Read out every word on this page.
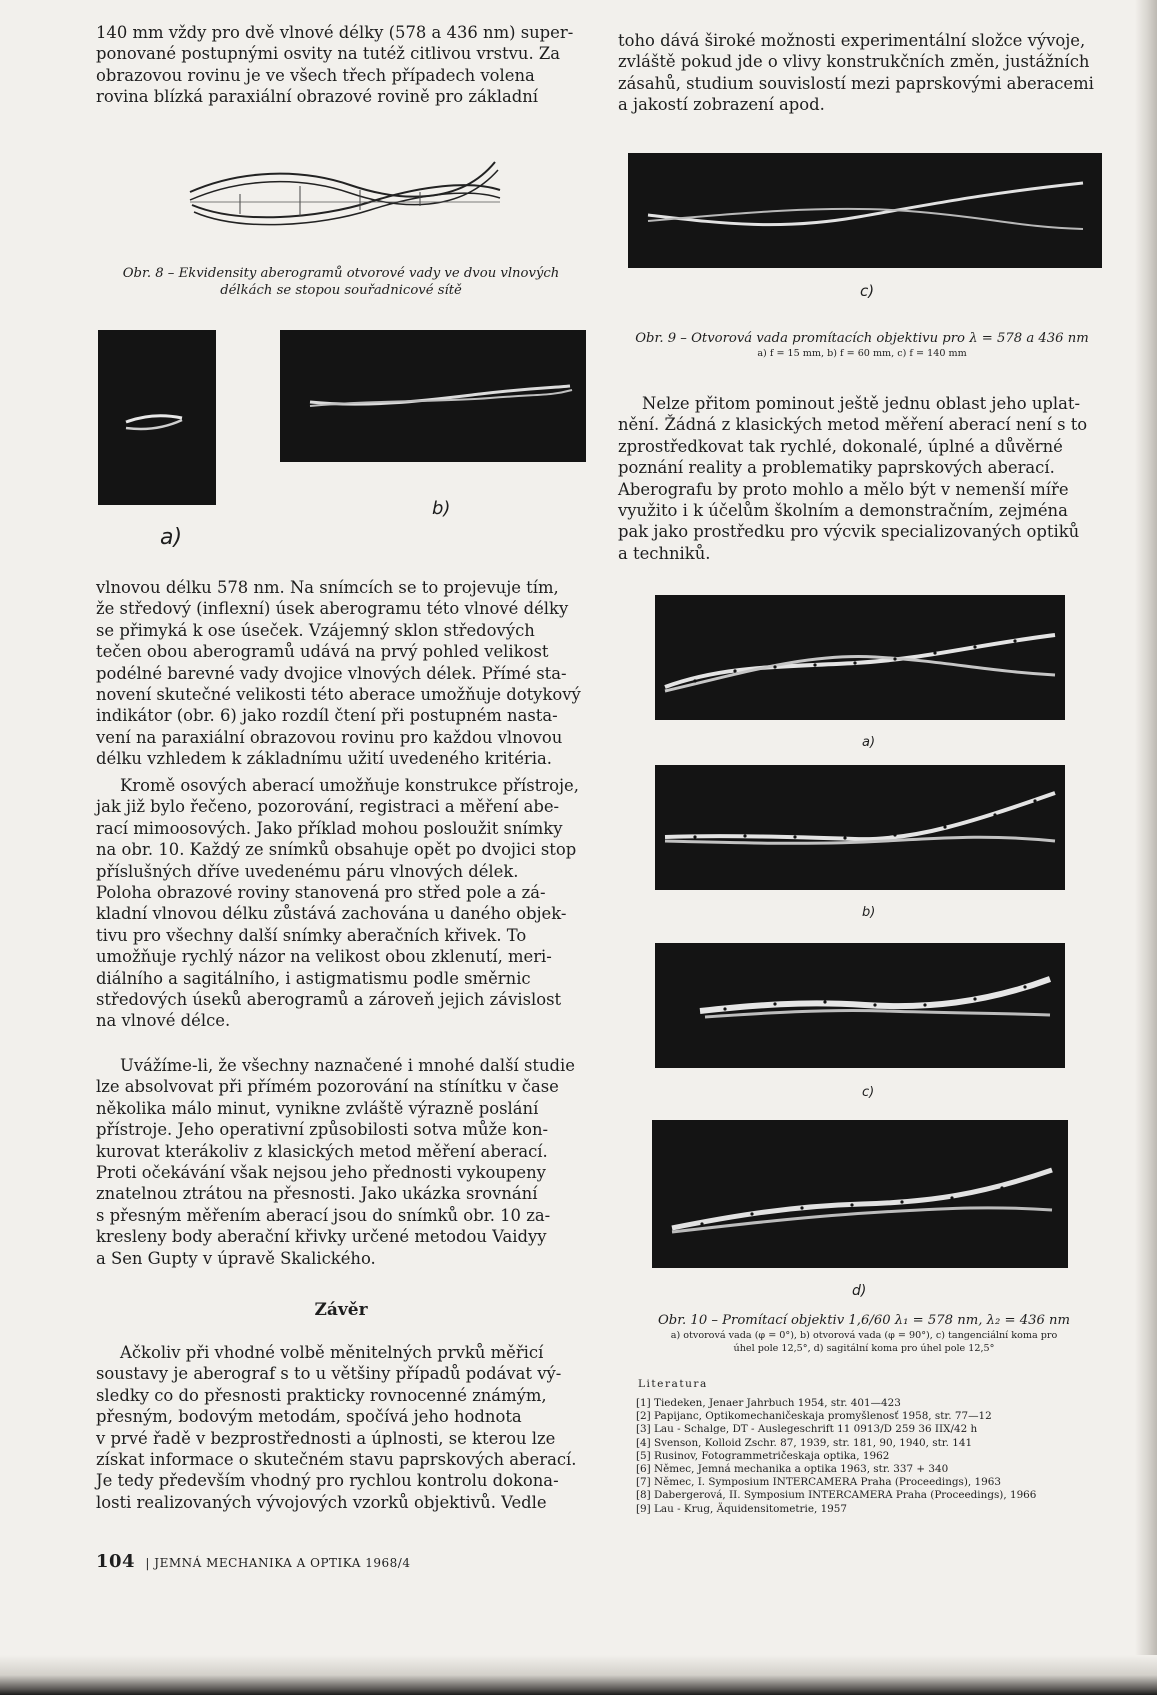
140 mm vždy pro dvě vlnové délky (578 a 436 nm) super-

ponované postupnými osvity na tutéž citlivou vrstvu. Za

obrazovou rovinu je ve všech třech případech volena

rovina blízká paraxiální obrazové rovině pro základní

Obr. 8 – Ekvidensity aberogramů otvorové vady ve dvou vlnových
délkách se stopou souřadnicové sítě
a)
b)

vlnovou délku 578 nm. Na snímcích se to projevuje tím,

že středový (inflexní) úsek aberogramu této vlnové délky

se přimyká k ose úseček. Vzájemný sklon středových

tečen obou aberogramů udává na prvý pohled velikost

podélné barevné vady dvojice vlnových délek. Přímé sta-

novení skutečné velikosti této aberace umožňuje dotykový

indikátor (obr. 6) jako rozdíl čtení při postupném nasta-

vení na paraxiální obrazovou rovinu pro každou vlnovou

délku vzhledem k základnímu užití uvedeného kritéria.

Kromě osových aberací umožňuje konstrukce přístroje,

jak již bylo řečeno, pozorování, registraci a měření abe-

rací mimoosových. Jako příklad mohou posloužit snímky

na obr. 10. Každý ze snímků obsahuje opět po dvojici stop

příslušných dříve uvedenému páru vlnových délek.

Poloha obrazové roviny stanovená pro střed pole a zá-

kladní vlnovou délku zůstává zachována u daného objek-

tivu pro všechny další snímky aberačních křivek. To

umožňuje rychlý názor na velikost obou zklenutí, meri-

diálního a sagitálního, i astigmatismu podle směrnic

středových úseků aberogramů a zároveň jejich závislost

na vlnové délce.

Uvážíme-li, že všechny naznačené i mnohé další studie

lze absolvovat při přímém pozorování na stínítku v čase

několika málo minut, vynikne zvláště výrazně poslání

přístroje. Jeho operativní způsobilosti sotva může kon-

kurovat kterákoliv z klasických metod měření aberací.

Proti očekávání však nejsou jeho přednosti vykoupeny

znatelnou ztrátou na přesnosti. Jako ukázka srovnání

s přesným měřením aberací jsou do snímků obr. 10 za-

kresleny body aberační křivky určené metodou Vaidyy

a Sen Gupty v úpravě Skalického.

Závěr

Ačkoliv při vhodné volbě měnitelných prvků měřicí

soustavy je aberograf s to u většiny případů podávat vý-

sledky co do přesnosti prakticky rovnocenné známým,

přesným, bodovým metodám, spočívá jeho hodnota

v prvé řadě v bezprostřednosti a úplnosti, se kterou lze

získat informace o skutečném stavu paprskových aberací.

Je tedy především vhodný pro rychlou kontrolu dokona-

losti realizovaných vývojových vzorků objektivů. Vedle

toho dává široké možnosti experimentální složce vývoje,

zvláště pokud jde o vlivy konstrukčních změn, justážních

zásahů, studium souvislostí mezi paprskovými aberacemi

a jakostí zobrazení apod.

c)
Obr. 9 – Otvorová vada promítacích objektivu pro λ = 578 a 436 nm
a) f = 15 mm, b) f = 60 mm, c) f = 140 mm

Nelze přitom pominout ještě jednu oblast jeho uplat-

nění. Žádná z klasických metod měření aberací není s to

zprostředkovat tak rychlé, dokonalé, úplné a důvěrné

poznání reality a problematiky paprskových aberací.

Aberografu by proto mohlo a mělo být v nemenší míře

využito i k účelům školním a demonstračním, zejména

pak jako prostředku pro výcvik specializovaných optiků

a techniků.

a)
b)
c)
d)
Obr. 10 – Promítací objektiv 1,6/60 λ₁ = 578 nm, λ₂ = 436 nm
a) otvorová vada (φ = 0°), b) otvorová vada (φ = 90°), c) tangenciální koma pro
úhel pole 12,5°, d) sagitální koma pro úhel pole 12,5°
Literatura
[1] Tiedeken, Jenaer Jahrbuch 1954, str. 401—423
[2] Papijanc, Optikomechaničeskaja promyšlenosť 1958, str. 77—12
[3] Lau - Schalge, DT - Auslegeschrift 11 0913/D 259 36 IIX/42 h
[4] Svenson, Kolloid Zschr. 87, 1939, str. 181, 90, 1940, str. 141
[5] Rusinov, Fotogrammetričeskaja optika, 1962
[6] Němec, Jemná mechanika a optika 1963, str. 337 + 340
[7] Němec, I. Symposium INTERCAMERA Praha (Proceedings), 1963
[8] Dabergerová, II. Symposium INTERCAMERA Praha (Proceedings), 1966
[9] Lau - Krug, Äquidensitometrie, 1957
104 | JEMNÁ MECHANIKA A OPTIKA 1968/4
